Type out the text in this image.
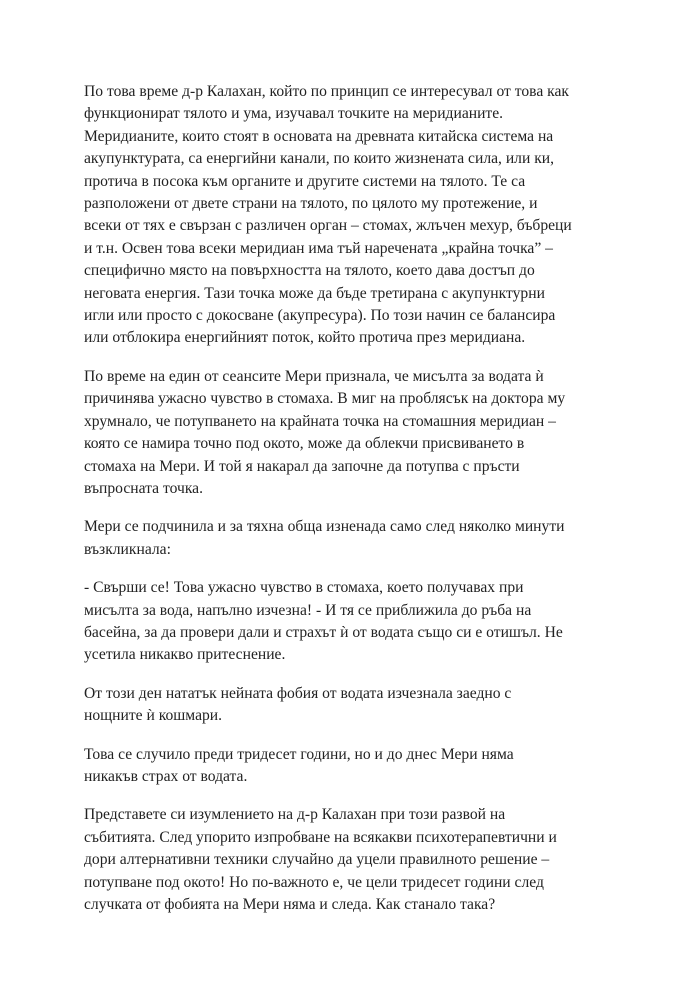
По това време д-р Калахан, който по принцип се интересувал от това как
функционират тялото и ума, изучавал точките на меридианите.
Меридианите, които стоят в основата на древната китайска система на
акупунктурата, са енергийни канали, по които жизнената сила, или ки,
протича в посока към органите и другите системи на тялото. Те са
разположени от двете страни на тялото, по цялото му протежение, и
всеки от тях е свързан с различен орган – стомах, жлъчен мехур, бъбреци
и т.н. Освен това всеки меридиан има тъй наречената „крайна точка” –
специфично място на повърхността на тялото, което дава достъп до
неговата енергия. Тази точка може да бъде третирана с акупунктурни
игли или просто с докосване (акупресура). По този начин се балансира
или отблокира енергийният поток, който протича през меридиана.

По време на един от сеансите Мери признала, че мисълта за водата ѝ
причинява ужасно чувство в стомаха. В миг на проблясък на доктора му
хрумнало, че потупването на крайната точка на стомашния меридиан –
която се намира точно под окото, може да облекчи присвиването в
стомаха на Мери. И той я накарал да започне да потупва с пръсти
въпросната точка.

Мери се подчинила и за тяхна обща изненада само след няколко минути
възкликнала:

- Свърши се! Това ужасно чувство в стомаха, което получавах при
мисълта за вода, напълно изчезна! - И тя се приближила до ръба на
басейна, за да провери дали и страхът ѝ от водата също си е отишъл. Не
усетила никакво притеснение.

От този ден нататък нейната фобия от водата изчезнала заедно с
нощните ѝ кошмари.

Това се случило преди тридесет години, но и до днес Мери няма
никакъв страх от водата.

Представете си изумлението на д-р Калахан при този развой на
събитията. След упорито изпробване на всякакви психотерапевтични и
дори алтернативни техники случайно да уцели правилното решение –
потупване под окото! Но по-важното е, че цели тридесет години след
случката от фобията на Мери няма и следа. Как станало така?
